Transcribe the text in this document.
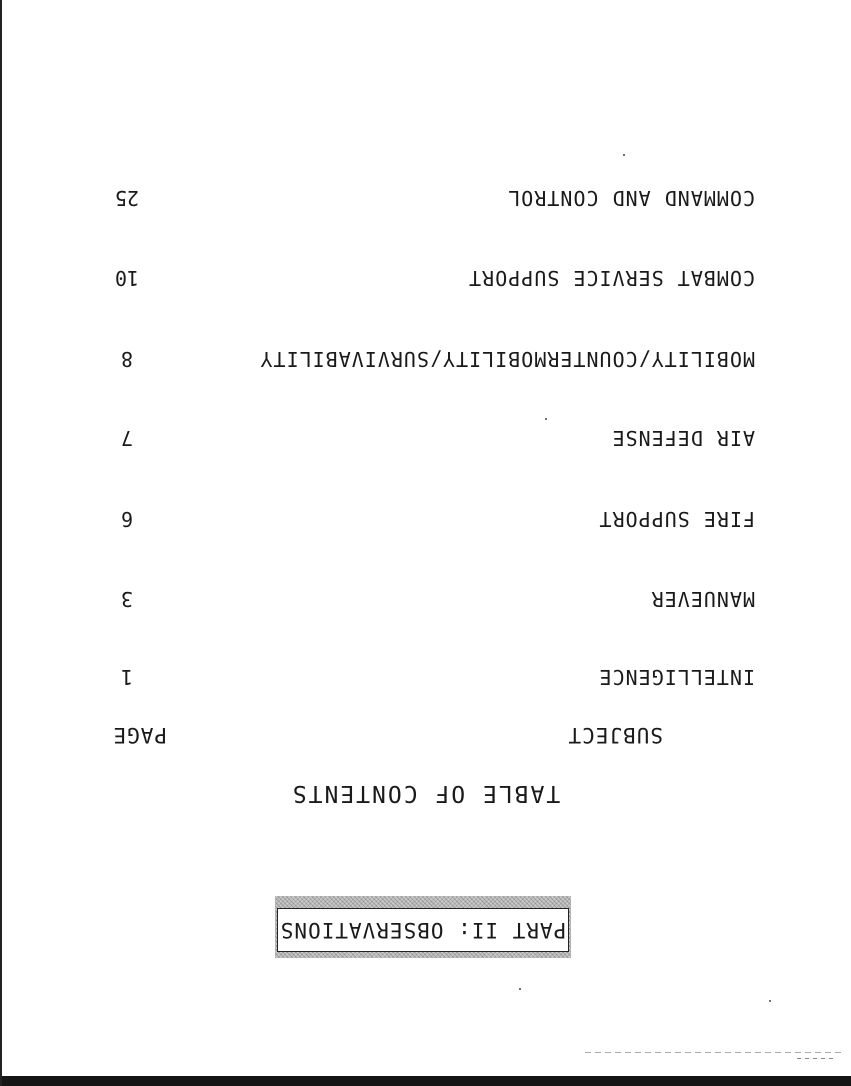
PART II: OBSERVATIONS
TABLE OF CONTENTS
SUBJECT
PAGE
INTELLIGENCE
1
MANUEVER
3
FIRE SUPPORT
6
AIR DEFENSE
7
MOBILITY/COUNTERMOBILITY/SURVIVABILITY
8
COMBAT SERVICE SUPPORT
10
COMMAND AND CONTROL
25
